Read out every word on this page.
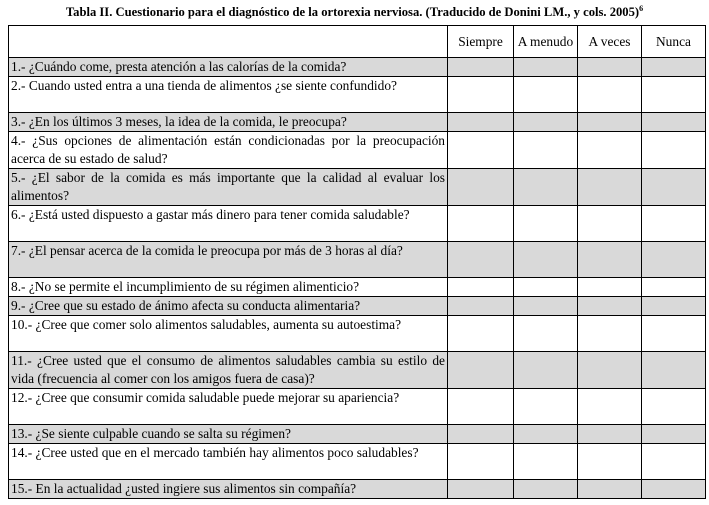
Tabla II. Cuestionario para el diagnóstico de la ortorexia nerviosa. (Traducido de Donini LM., y cols. 2005)$^6$
	Siempre	A menudo	A veces	Nunca

1.- ¿Cuándo come, presta atención a las calorías de la comida?				

2.- Cuando usted entra a una tienda de alimentos ¿se siente confundido?				

3.- ¿En los últimos 3 meses, la idea de la comida, le preocupa?				

4.- ¿Sus opciones de alimentación están condicionadas por la preocupación acerca de su estado de salud?				

5.- ¿El sabor de la comida es más importante que la calidad al evaluar los alimentos?				

6.- ¿Está usted dispuesto a gastar más dinero para tener comida saludable?				

7.- ¿El pensar acerca de la comida le preocupa por más de 3 horas al día?				

8.- ¿No se permite el incumplimiento de su régimen alimenticio?				

9.- ¿Cree que su estado de ánimo afecta su conducta alimentaria?				

10.- ¿Cree que comer solo alimentos saludables, aumenta su autoestima?				

11.- ¿Cree usted que el consumo de alimentos saludables cambia su estilo de vida (frecuencia al comer con los amigos fuera de casa)?				

12.- ¿Cree que consumir comida saludable puede mejorar su apariencia?				

13.- ¿Se siente culpable cuando se salta su régimen?				

14.- ¿Cree usted que en el mercado también hay alimentos poco saludables?				

15.- En la actualidad ¿usted ingiere sus alimentos sin compañía?				
